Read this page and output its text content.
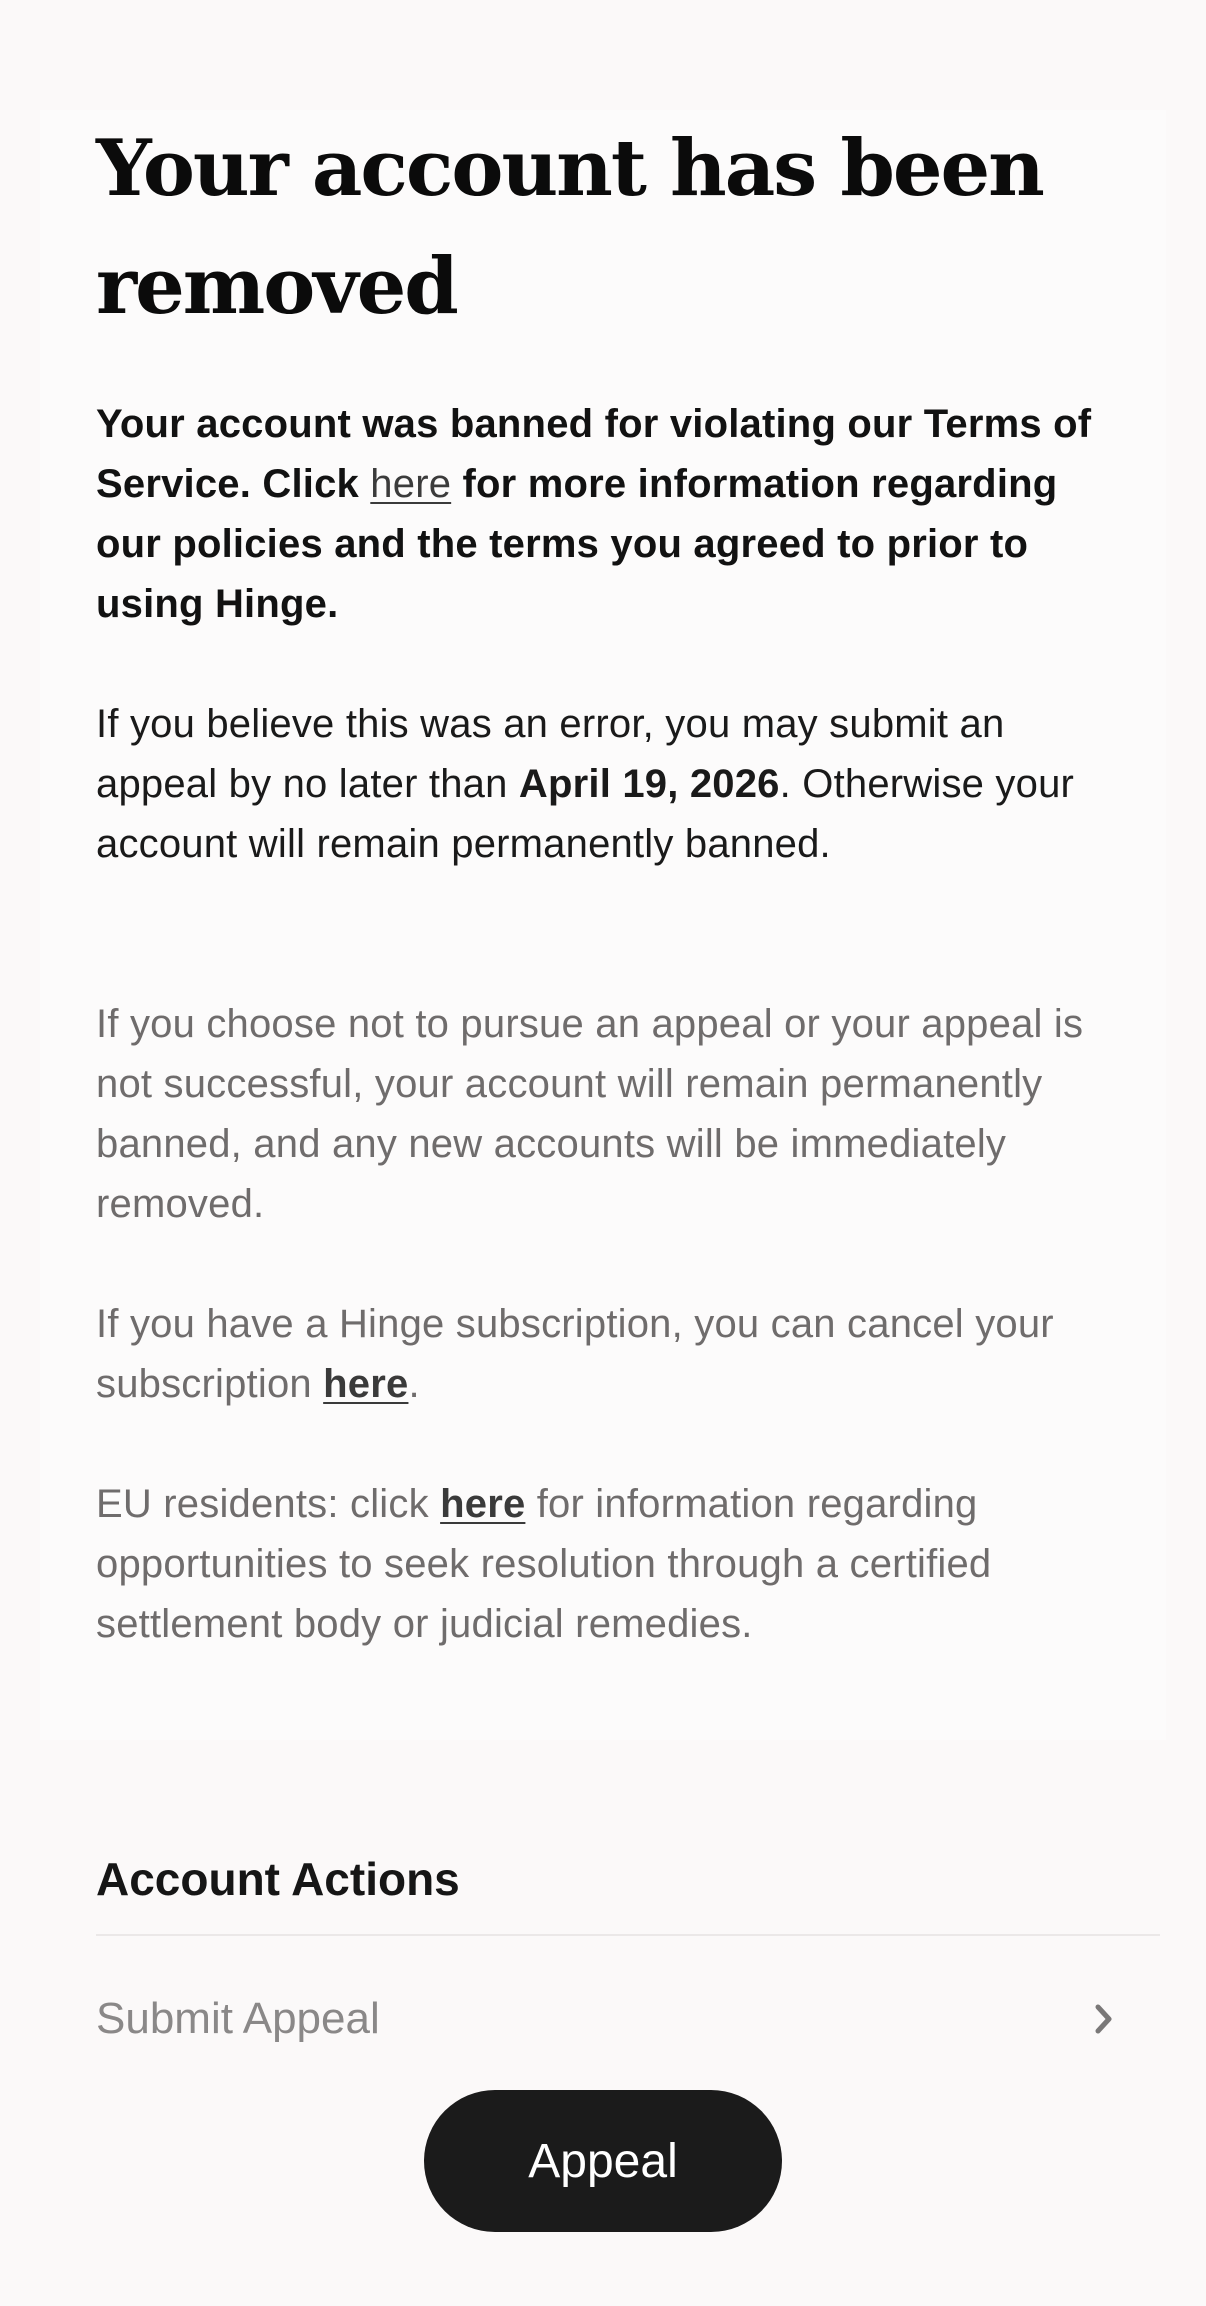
Your account has been removed

Your account was banned for violating our Terms of Service. Click here for more information regarding our policies and the terms you agreed to prior to using Hinge.

If you believe this was an error, you may submit an appeal by no later than April 19, 2026. Otherwise your account will remain permanently banned.

If you choose not to pursue an appeal or your appeal is not successful, your account will remain permanently banned, and any new accounts will be immediately removed.

If you have a Hinge subscription, you can cancel your subscription here.

EU residents: click here for information regarding opportunities to seek resolution through a certified settlement body or judicial remedies.

Account Actions
Submit Appeal
Appeal
